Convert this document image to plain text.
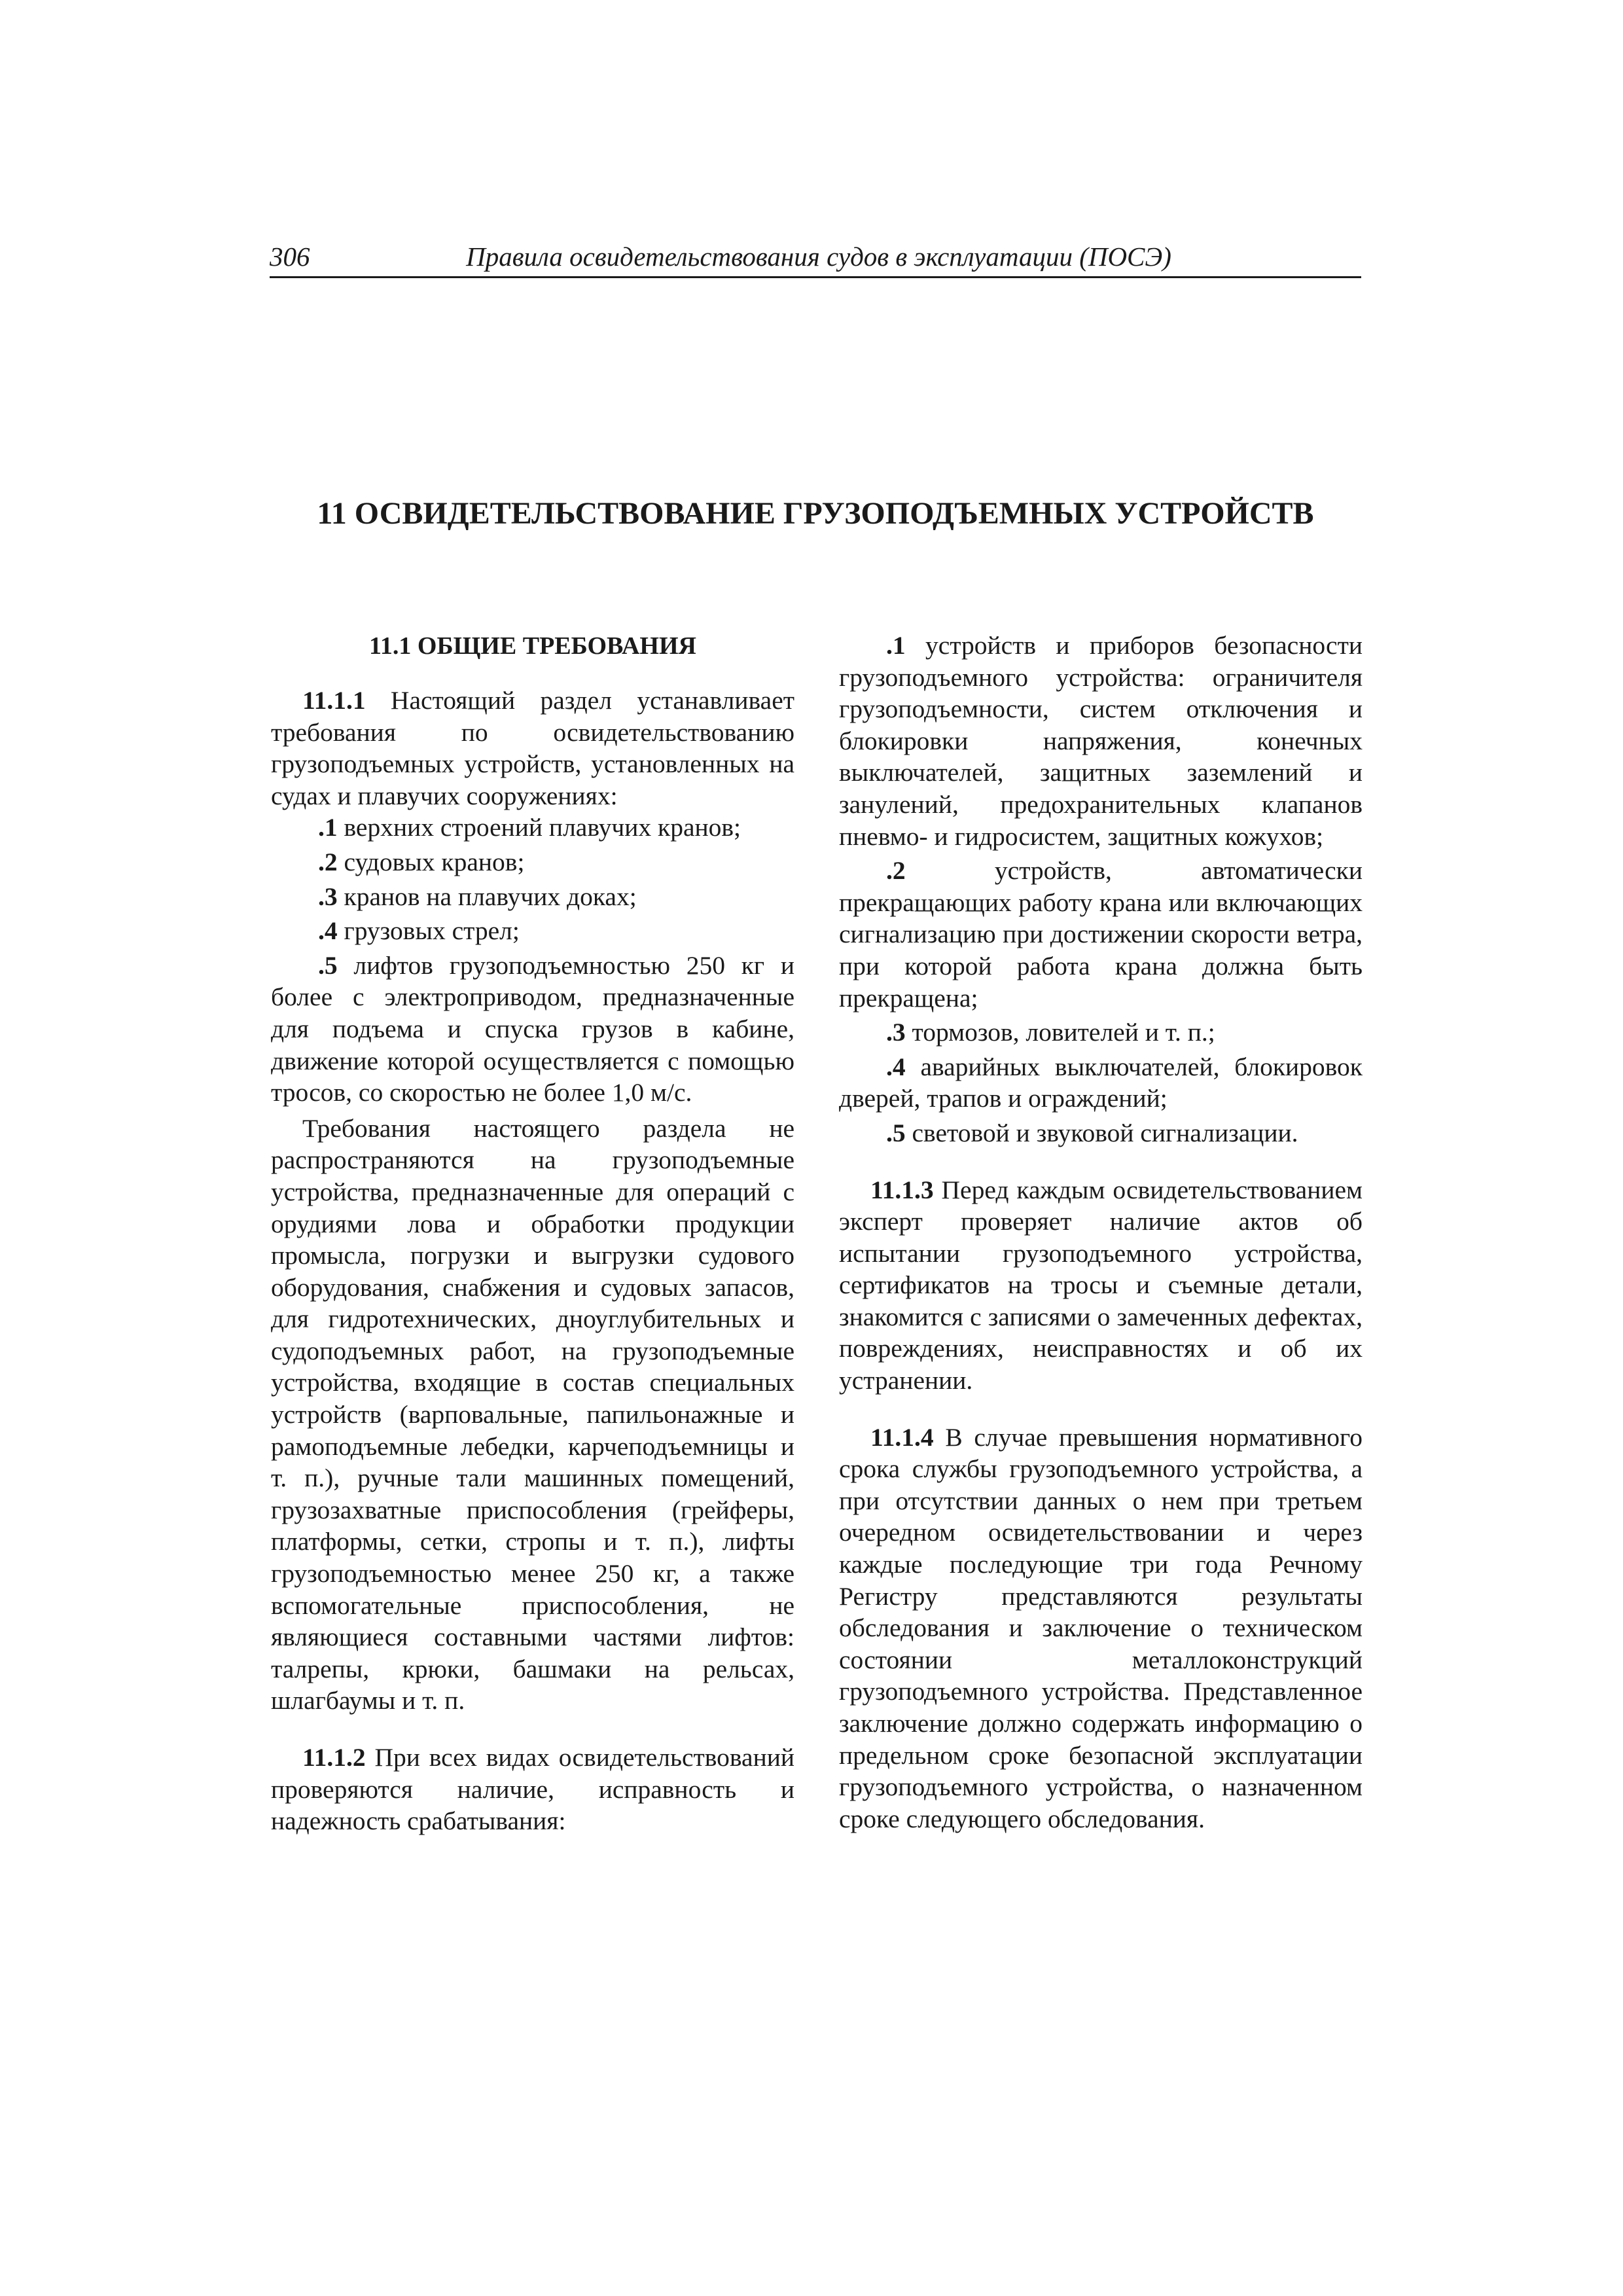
306	Правила освидетельствования судов в эксплуатации (ПОСЭ)
11 ОСВИДЕТЕЛЬСТВОВАНИЕ ГРУЗОПОДЪЕМНЫХ УСТРОЙСТВ
11.1 ОБЩИЕ ТРЕБОВАНИЯ

11.1.1 Настоящий раздел устанавливает требования по освидетельствованию грузоподъемных устройств, установленных на судах и плавучих сооружениях:

.1 верхних строений плавучих кранов;

.2 судовых кранов;

.3 кранов на плавучих доках;

.4 грузовых стрел;

.5 лифтов грузоподъемностью 250 кг и более с электроприводом, предназначенные для подъема и спуска грузов в кабине, движение которой осуществляется с помощью тросов, со скоростью не более 1,0 м/с.

Требования настоящего раздела не распространяются на грузоподъемные устройства, предназначенные для операций с орудиями лова и обработки продукции промысла, погрузки и выгрузки судового оборудования, снабжения и судовых запасов, для гидротехнических, дноуглубительных и судоподъемных работ, на грузоподъемные устройства, входящие в состав специальных устройств (варповальные, папильонажные и рамоподъемные лебедки, карчеподъемницы и т. п.), ручные тали машинных помещений, грузозахватные приспособления (грейферы, платформы, сетки, стропы и т. п.), лифты грузоподъемностью менее 250 кг, а также вспомогательные приспособления, не являющиеся составными частями лифтов: талрепы, крюки, башмаки на рельсах, шлагбаумы и т. п.

11.1.2 При всех видах освидетельствований проверяются наличие, исправность и надежность срабатывания:

.1 устройств и приборов безопасности грузоподъемного устройства: ограничителя грузоподъемности, систем отключения и блокировки напряжения, конечных выключателей, защитных заземлений и занулений, предохранительных клапанов пневмо- и гидросистем, защитных кожухов;

.2 устройств, автоматически прекращающих работу крана или включающих сигнализацию при достижении скорости ветра, при которой работа крана должна быть прекращена;

.3 тормозов, ловителей и т. п.;

.4 аварийных выключателей, блокировок дверей, трапов и ограждений;

.5 световой и звуковой сигнализации.

11.1.3 Перед каждым освидетельствованием эксперт проверяет наличие актов об испытании грузоподъемного устройства, сертификатов на тросы и съемные детали, знакомится с записями о замеченных дефектах, повреждениях, неисправностях и об их устранении.

11.1.4 В случае превышения нормативного срока службы грузоподъемного устройства, а при отсутствии данных о нем при третьем очередном освидетельствовании и через каждые последующие три года Речному Регистру представляются результаты обследования и заключение о техническом состоянии металлоконструкций грузоподъемного устройства. Представленное заключение должно содержать информацию о предельном сроке безопасной эксплуатации грузоподъемного устройства, о назначенном сроке следующего обследования.
